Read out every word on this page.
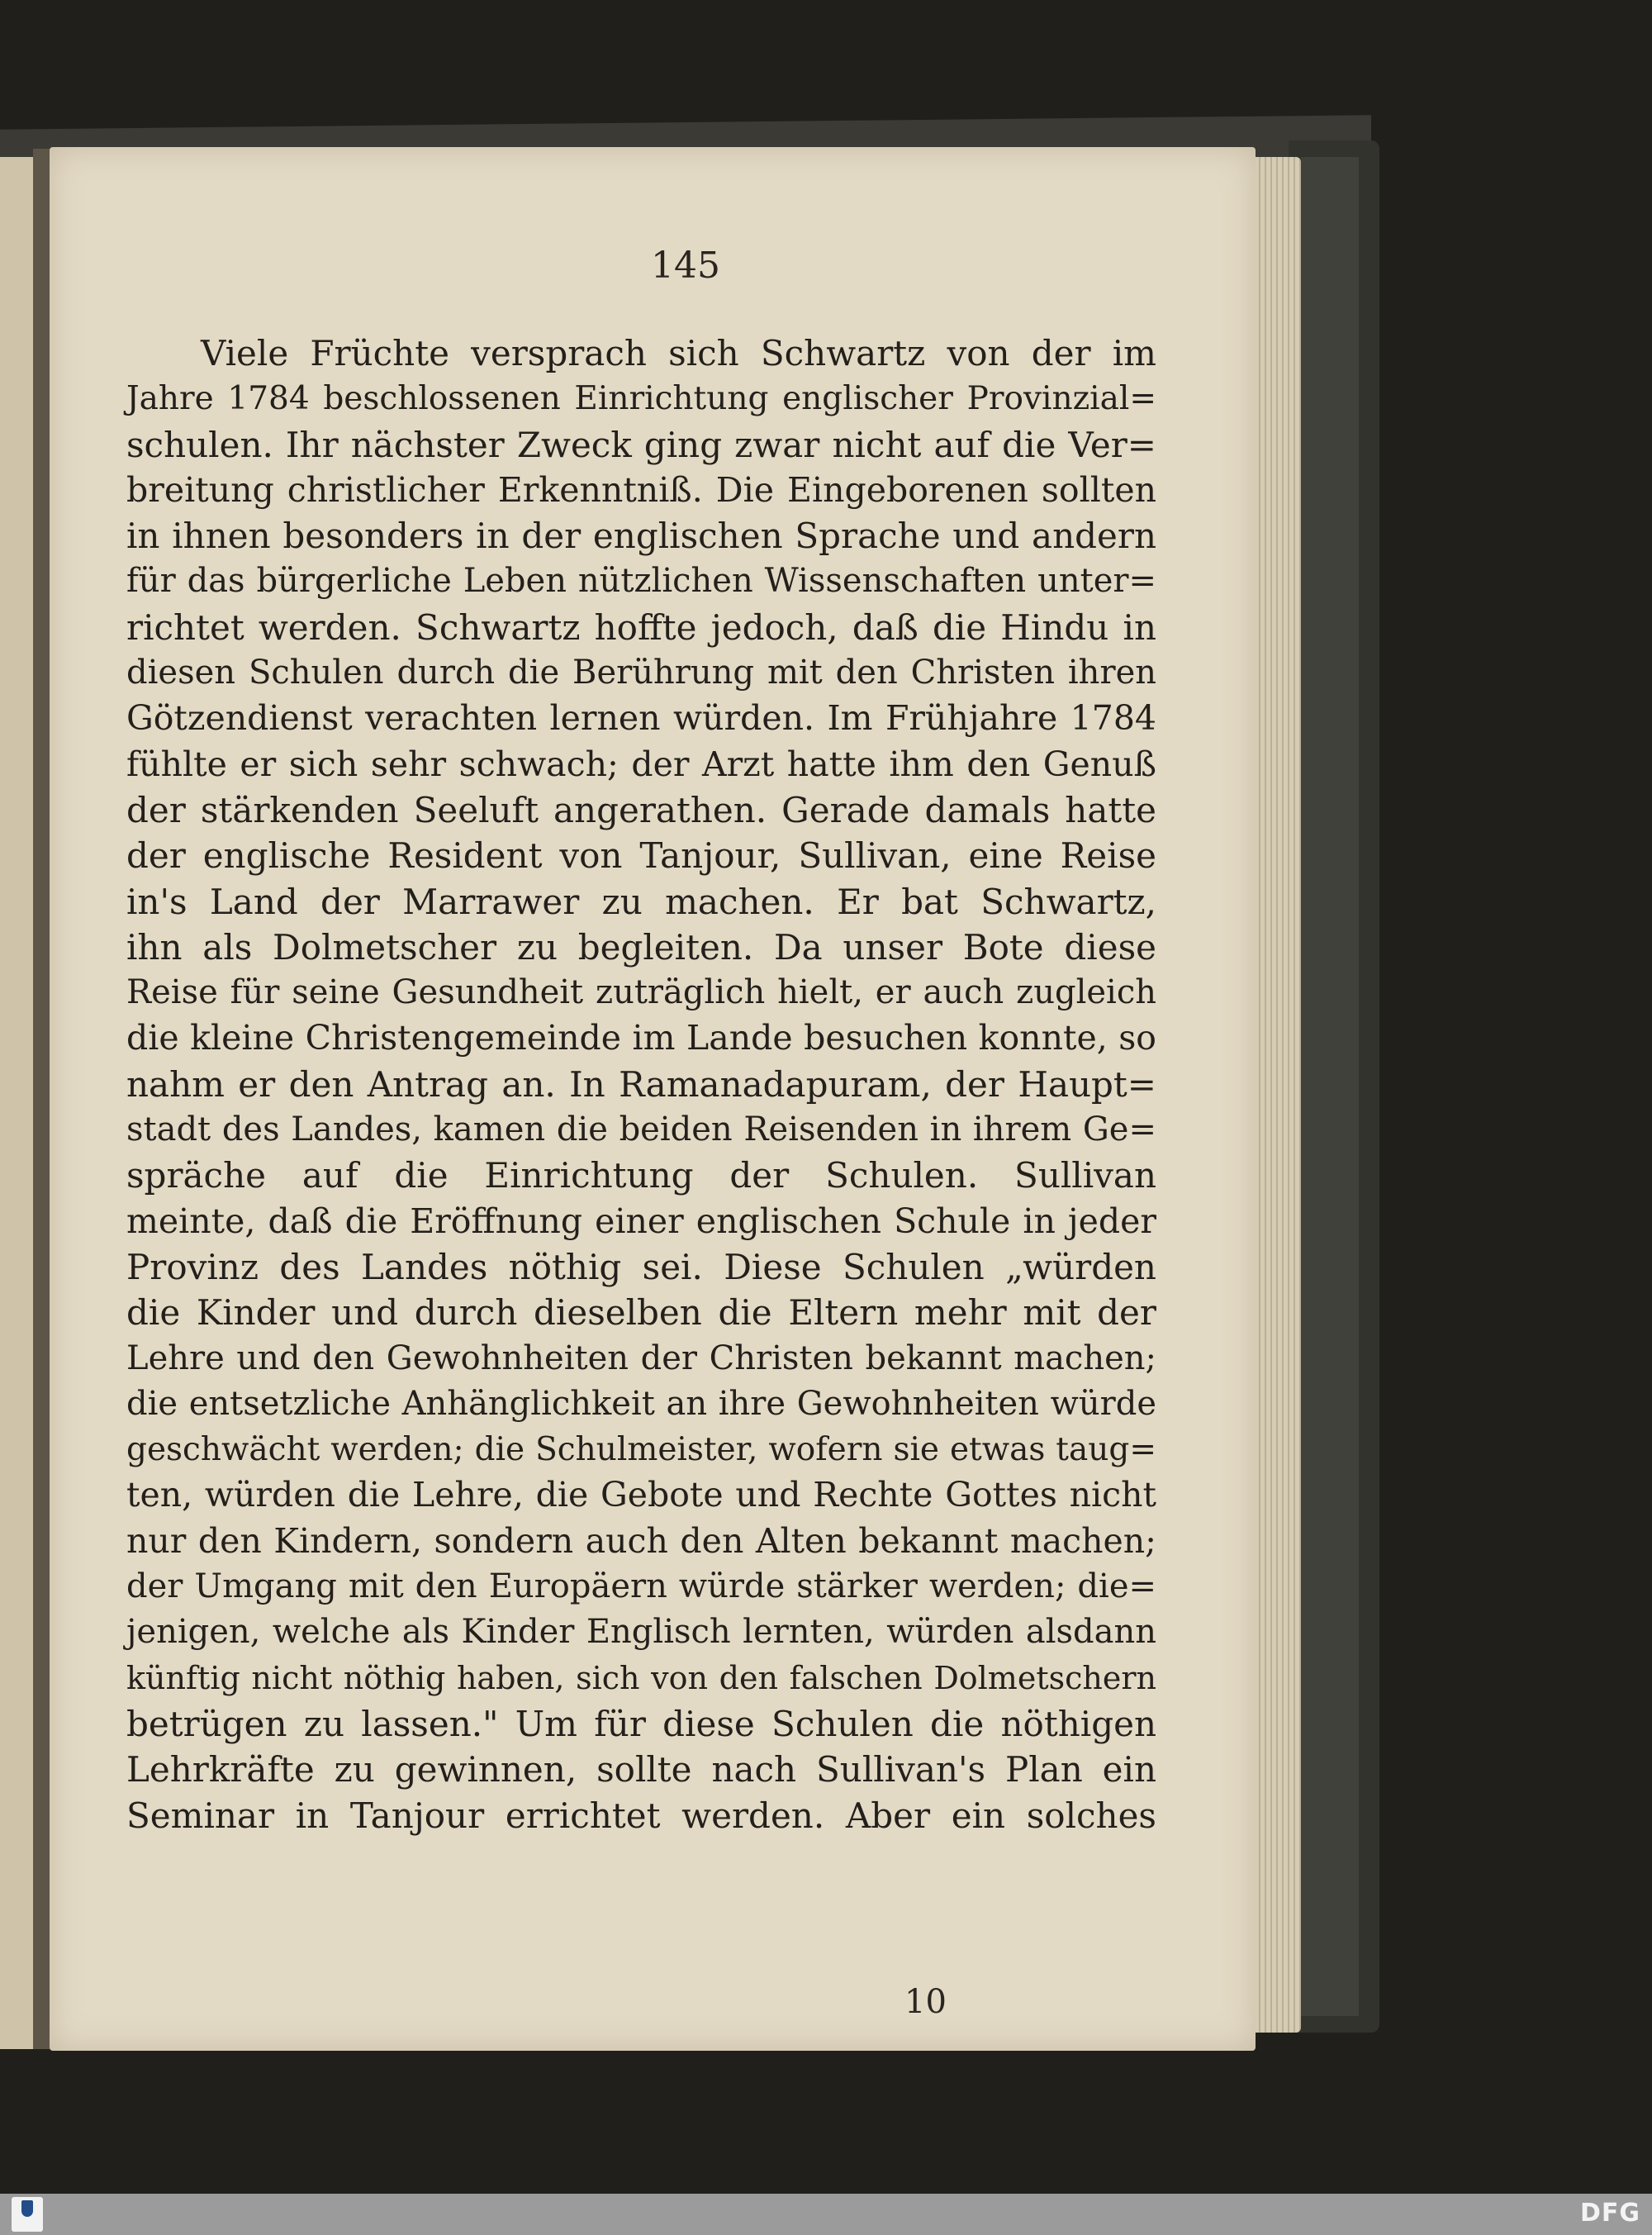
145
Viele Früchte versprach sich Schwartz von der im
Jahre 1784 beschlossenen Einrichtung englischer Provinzial=
schulen. Ihr nächster Zweck ging zwar nicht auf die Ver=
breitung christlicher Erkenntniß. Die Eingeborenen sollten
in ihnen besonders in der englischen Sprache und andern
für das bürgerliche Leben nützlichen Wissenschaften unter=
richtet werden. Schwartz hoffte jedoch, daß die Hindu in
diesen Schulen durch die Berührung mit den Christen ihren
Götzendienst verachten lernen würden. Im Frühjahre 1784
fühlte er sich sehr schwach; der Arzt hatte ihm den Genuß
der stärkenden Seeluft angerathen. Gerade damals hatte
der englische Resident von Tanjour, Sullivan, eine Reise
in's Land der Marrawer zu machen. Er bat Schwartz,
ihn als Dolmetscher zu begleiten. Da unser Bote diese
Reise für seine Gesundheit zuträglich hielt, er auch zugleich
die kleine Christengemeinde im Lande besuchen konnte, so
nahm er den Antrag an. In Ramanadapuram, der Haupt=
stadt des Landes, kamen die beiden Reisenden in ihrem Ge=
spräche auf die Einrichtung der Schulen. Sullivan
meinte, daß die Eröffnung einer englischen Schule in jeder
Provinz des Landes nöthig sei. Diese Schulen „würden
die Kinder und durch dieselben die Eltern mehr mit der
Lehre und den Gewohnheiten der Christen bekannt machen;
die entsetzliche Anhänglichkeit an ihre Gewohnheiten würde
geschwächt werden; die Schulmeister, wofern sie etwas taug=
ten, würden die Lehre, die Gebote und Rechte Gottes nicht
nur den Kindern, sondern auch den Alten bekannt machen;
der Umgang mit den Europäern würde stärker werden; die=
jenigen, welche als Kinder Englisch lernten, würden alsdann
künftig nicht nöthig haben, sich von den falschen Dolmetschern
betrügen zu lassen." Um für diese Schulen die nöthigen
Lehrkräfte zu gewinnen, sollte nach Sullivan's Plan ein
Seminar in Tanjour errichtet werden. Aber ein solches
10
DFG
